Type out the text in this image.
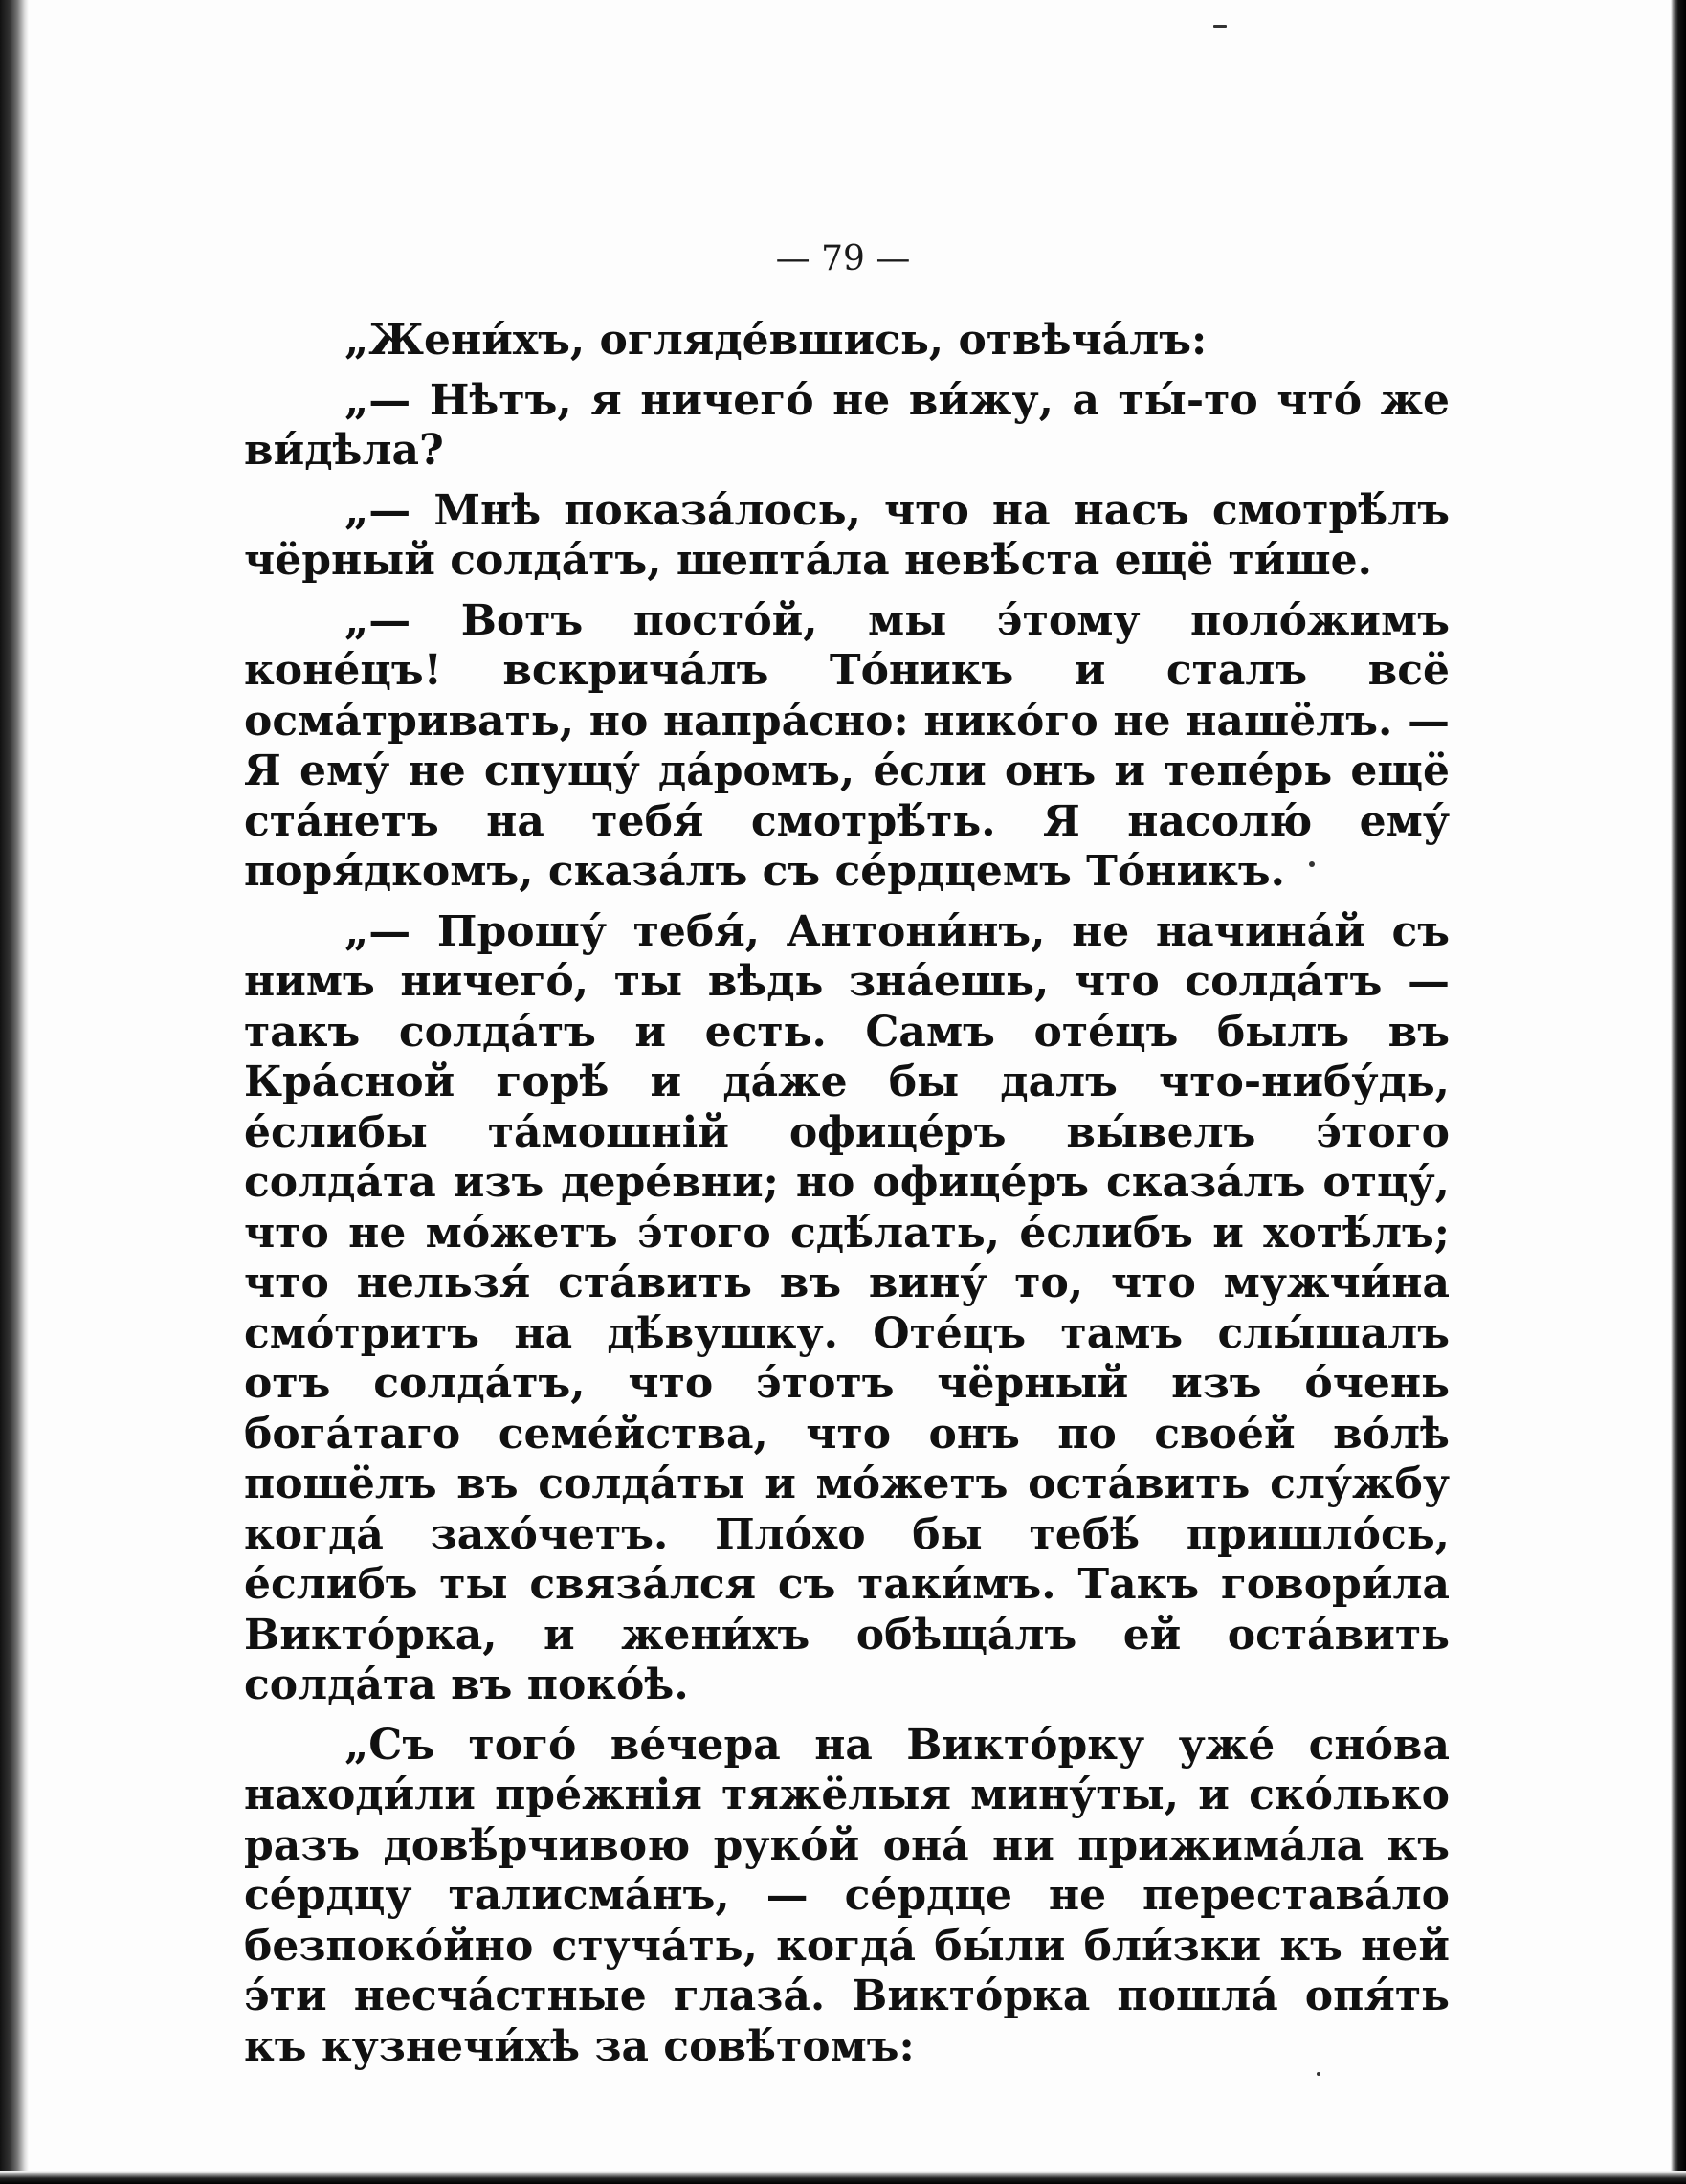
— 79 —

„Жени́хъ, огляде́вшись, отвѣча́лъ:

„— Нѣтъ, я ничего́ не ви́жу, а ты́-то что́ же ви́дѣла?

„— Мнѣ показа́лось, что на насъ смотрѣ́лъ чёрный солда́тъ, шепта́ла невѣ́ста ещё ти́ше.

„— Вотъ посто́й, мы э́тому поло́жимъ коне́цъ! вскрича́лъ То́никъ и сталъ всё осма́тривать, но напра́сно: нико́го не нашёлъ. — Я ему́ не спущу́ да́ромъ, е́сли онъ и тепе́рь ещё ста́нетъ на тебя́ смотрѣ́ть. Я насолю́ ему́ поря́дкомъ, сказа́лъ съ се́рдцемъ То́никъ.

„— Прошу́ тебя́, Антони́нъ, не начина́й съ нимъ ничего́, ты вѣдь зна́ешь, что солда́тъ — такъ солда́тъ и есть. Самъ оте́цъ былъ въ Кра́сной горѣ́ и да́же бы далъ что-нибу́дь, е́слибы та́мошній офице́ръ вы́велъ э́того солда́та изъ дере́вни; но офице́ръ сказа́лъ отцу́, что не мо́жетъ э́того сдѣ́лать, е́слибъ и хотѣ́лъ; что нельзя́ ста́вить въ вину́ то, что мужчи́на смо́тритъ на дѣ́вушку. Оте́цъ тамъ слы́шалъ отъ солда́тъ, что э́тотъ чёрный изъ о́чень бога́таго семе́йства, что онъ по свое́й во́лѣ пошёлъ въ солда́ты и мо́жетъ оста́вить слу́жбу когда́ захо́четъ. Пло́хо бы тебѣ́ пришло́сь, е́слибъ ты связа́лся съ таки́мъ. Такъ говори́ла Викто́рка, и жени́хъ обѣща́лъ ей оста́вить солда́та въ поко́ѣ.

„Съ того́ ве́чера на Викто́рку уже́ сно́ва находи́ли пре́жнія тяжёлыя мину́ты, и ско́лько разъ довѣ́рчивою руко́й она́ ни прижима́ла къ се́рдцу талисма́нъ, — се́рдце не перестава́ло безпоко́йно стуча́ть, когда́ бы́ли бли́зки къ ней э́ти несча́стные глаза́. Викто́рка пошла́ опя́ть къ кузнечи́хѣ за совѣ́томъ:
